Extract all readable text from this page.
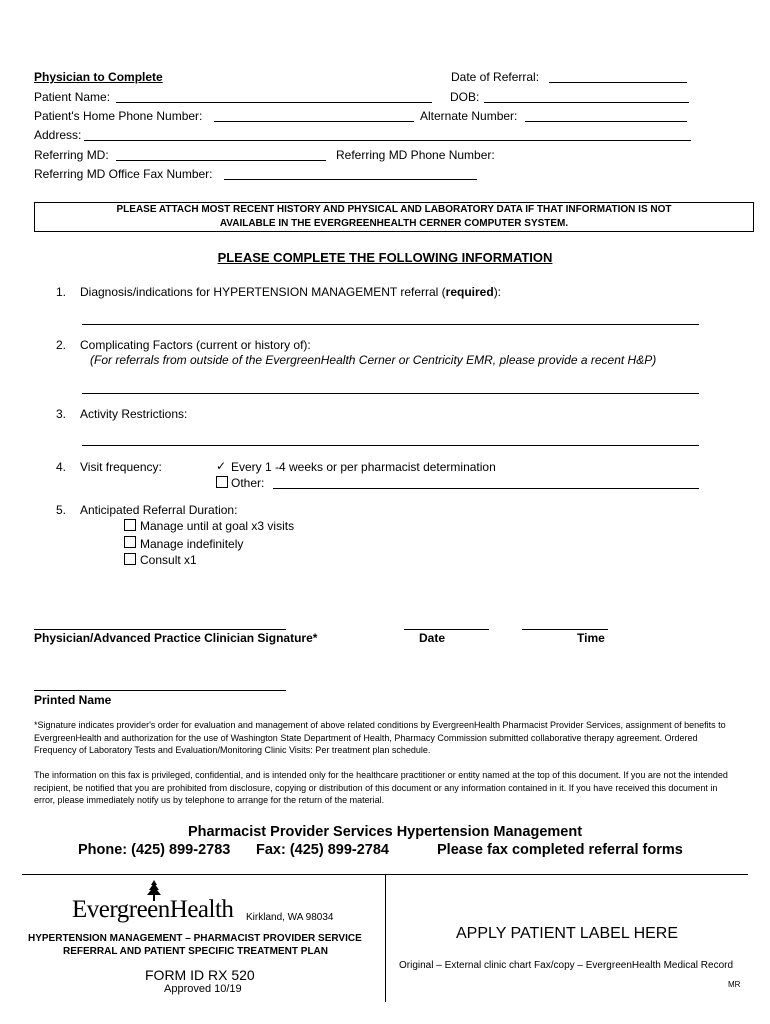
Physician to Complete	Date of Referral:
Patient Name:	DOB:
Patient's Home Phone Number:	Alternate Number:
Address:
Referring MD:	Referring MD Phone Number:
Referring MD Office Fax Number:
PLEASE ATTACH MOST RECENT HISTORY AND PHYSICAL AND LABORATORY DATA IF THAT INFORMATION IS NOT
AVAILABLE IN THE EVERGREENHEALTH CERNER COMPUTER SYSTEM.
PLEASE COMPLETE THE FOLLOWING INFORMATION
1. Diagnosis/indications for HYPERTENSION MANAGEMENT referral (required):
2. Complicating Factors (current or history of):
(For referrals from outside of the EvergreenHealth Cerner or Centricity EMR, please provide a recent H&P)
3. Activity Restrictions:
4. Visit frequency:	✓ Every 1 -4 weeks or per pharmacist determination
Other:
5. Anticipated Referral Duration:
Manage until at goal x3 visits
Manage indefinitely
Consult x1
Physician/Advanced Practice Clinician Signature*	Date	Time
Printed Name
*Signature indicates provider's order for evaluation and management of above related conditions by EvergreenHealth Pharmacist Provider Services, assignment of benefits to EvergreenHealth and authorization for the use of Washington State Department of Health, Pharmacy Commission submitted collaborative therapy agreement. Ordered Frequency of Laboratory Tests and Evaluation/Monitoring Clinic Visits: Per treatment plan schedule.
The information on this fax is privileged, confidential, and is intended only for the healthcare practitioner or entity named at the top of this document. If you are not the intended recipient, be notified that you are prohibited from disclosure, copying or distribution of this document or any information contained in it. If you have received this document in error, please immediately notify us by telephone to arrange for the return of the material.
Pharmacist Provider Services Hypertension Management
Phone: (425) 899-2783 Fax: (425) 899-2784	Please fax completed referral forms
EvergreenHealth Kirkland, WA 98034
HYPERTENSION MANAGEMENT – PHARMACIST PROVIDER SERVICE
REFERRAL AND PATIENT SPECIFIC TREATMENT PLAN
FORM ID RX 520
Approved 10/19
APPLY PATIENT LABEL HERE
Original – External clinic chart Fax/copy – EvergreenHealth Medical Record
MR
